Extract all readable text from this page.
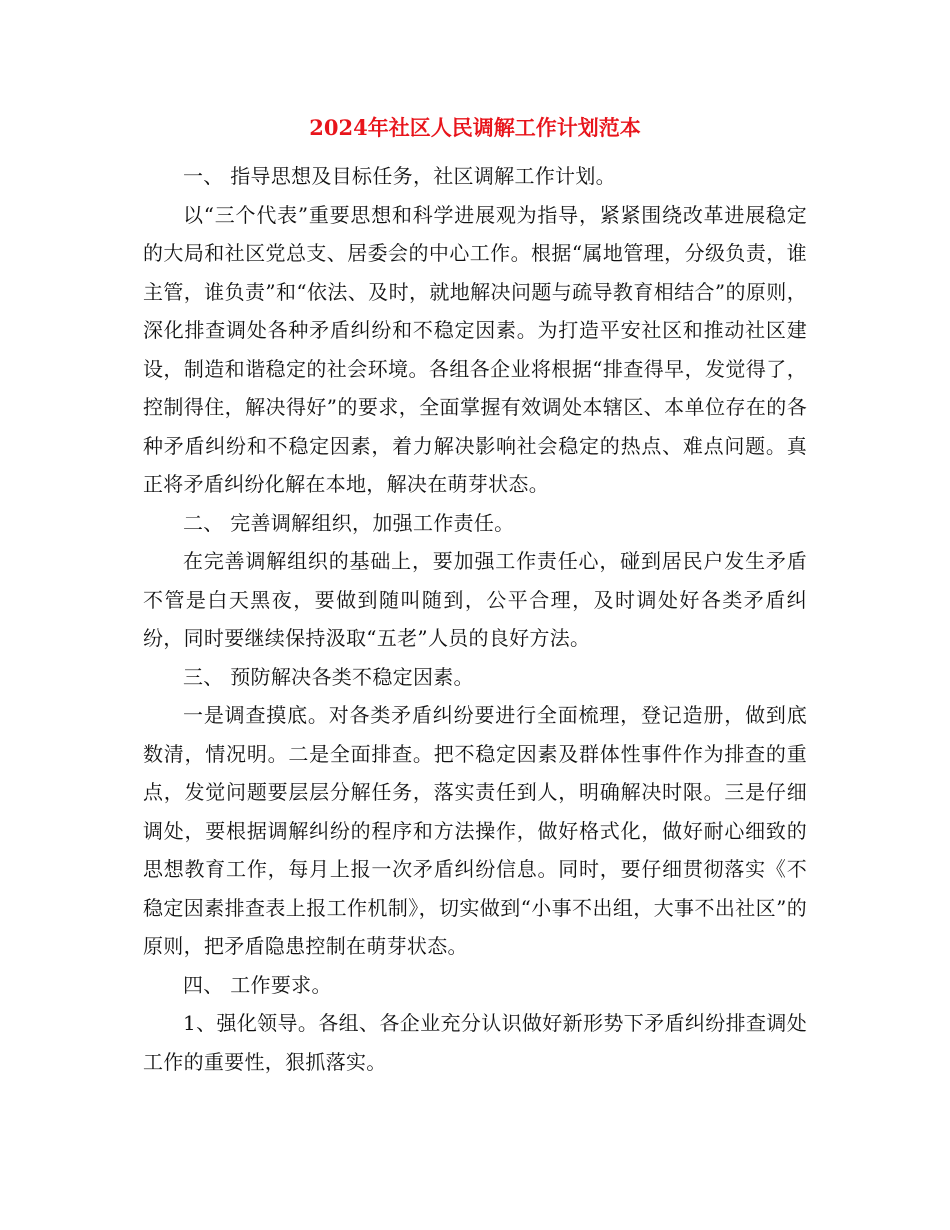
2024年社区人民调解工作计划范本

一、 指导思想及目标任务，社区调解工作计划。

以“三个代表”重要思想和科学进展观为指导，紧紧围绕改革进展稳定的大局和社区党总支、居委会的中心工作。根据“属地管理，分级负责，谁主管，谁负责”和“依法、及时，就地解决问题与疏导教育相结合”的原则，深化排查调处各种矛盾纠纷和不稳定因素。为打造平安社区和推动社区建设，制造和谐稳定的社会环境。各组各企业将根据“排查得早，发觉得了，控制得住，解决得好”的要求，全面掌握有效调处本辖区、本单位存在的各种矛盾纠纷和不稳定因素，着力解决影响社会稳定的热点、难点问题。真正将矛盾纠纷化解在本地，解决在萌芽状态。

二、 完善调解组织，加强工作责任。

在完善调解组织的基础上，要加强工作责任心，碰到居民户发生矛盾不管是白天黑夜，要做到随叫随到，公平合理，及时调处好各类矛盾纠纷，同时要继续保持汲取“五老”人员的良好方法。

三、 预防解决各类不稳定因素。

一是调查摸底。对各类矛盾纠纷要进行全面梳理，登记造册，做到底数清，情况明。二是全面排查。把不稳定因素及群体性事件作为排查的重点，发觉问题要层层分解任务，落实责任到人，明确解决时限。三是仔细调处，要根据调解纠纷的程序和方法操作，做好格式化，做好耐心细致的思想教育工作，每月上报一次矛盾纠纷信息。同时，要仔细贯彻落实《不稳定因素排查表上报工作机制》，切实做到“小事不出组，大事不出社区”的原则，把矛盾隐患控制在萌芽状态。

四、 工作要求。

1、强化领导。各组、各企业充分认识做好新形势下矛盾纠纷排查调处工作的重要性，狠抓落实。
